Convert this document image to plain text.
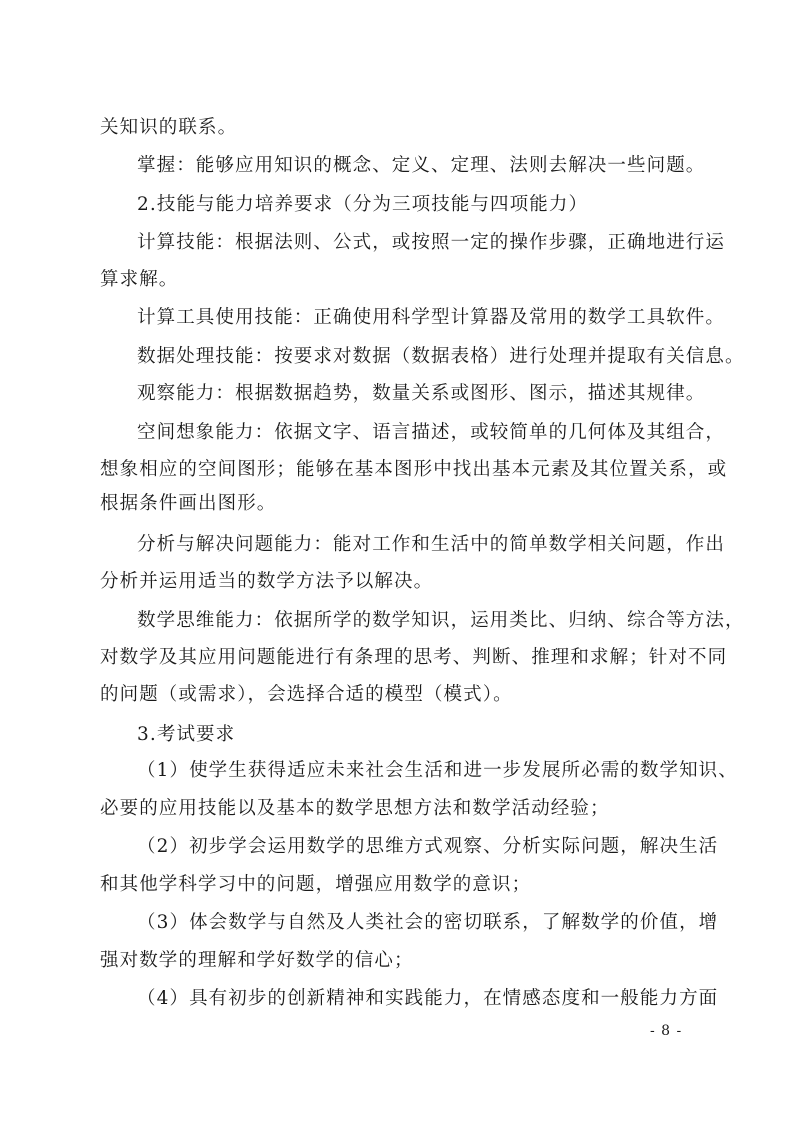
关知识的联系。

掌握：能够应用知识的概念、定义、定理、法则去解决一些问题。

2.技能与能力培养要求（分为三项技能与四项能力）

计算技能：根据法则、公式，或按照一定的操作步骤，正确地进行运

算求解。

计算工具使用技能：正确使用科学型计算器及常用的数学工具软件。

数据处理技能：按要求对数据（数据表格）进行处理并提取有关信息。

观察能力：根据数据趋势，数量关系或图形、图示，描述其规律。

空间想象能力：依据文字、语言描述，或较简单的几何体及其组合，

想象相应的空间图形；能够在基本图形中找出基本元素及其位置关系，或

根据条件画出图形。

分析与解决问题能力：能对工作和生活中的简单数学相关问题，作出

分析并运用适当的数学方法予以解决。

数学思维能力：依据所学的数学知识，运用类比、归纳、综合等方法，

对数学及其应用问题能进行有条理的思考、判断、推理和求解；针对不同

的问题（或需求），会选择合适的模型（模式）。

3.考试要求

（1）使学生获得适应未来社会生活和进一步发展所必需的数学知识、

必要的应用技能以及基本的数学思想方法和数学活动经验；

（2）初步学会运用数学的思维方式观察、分析实际问题，解决生活

和其他学科学习中的问题，增强应用数学的意识；

（3）体会数学与自然及人类社会的密切联系，了解数学的价值，增

强对数学的理解和学好数学的信心；

（4）具有初步的创新精神和实践能力，在情感态度和一般能力方面

- 8 -
